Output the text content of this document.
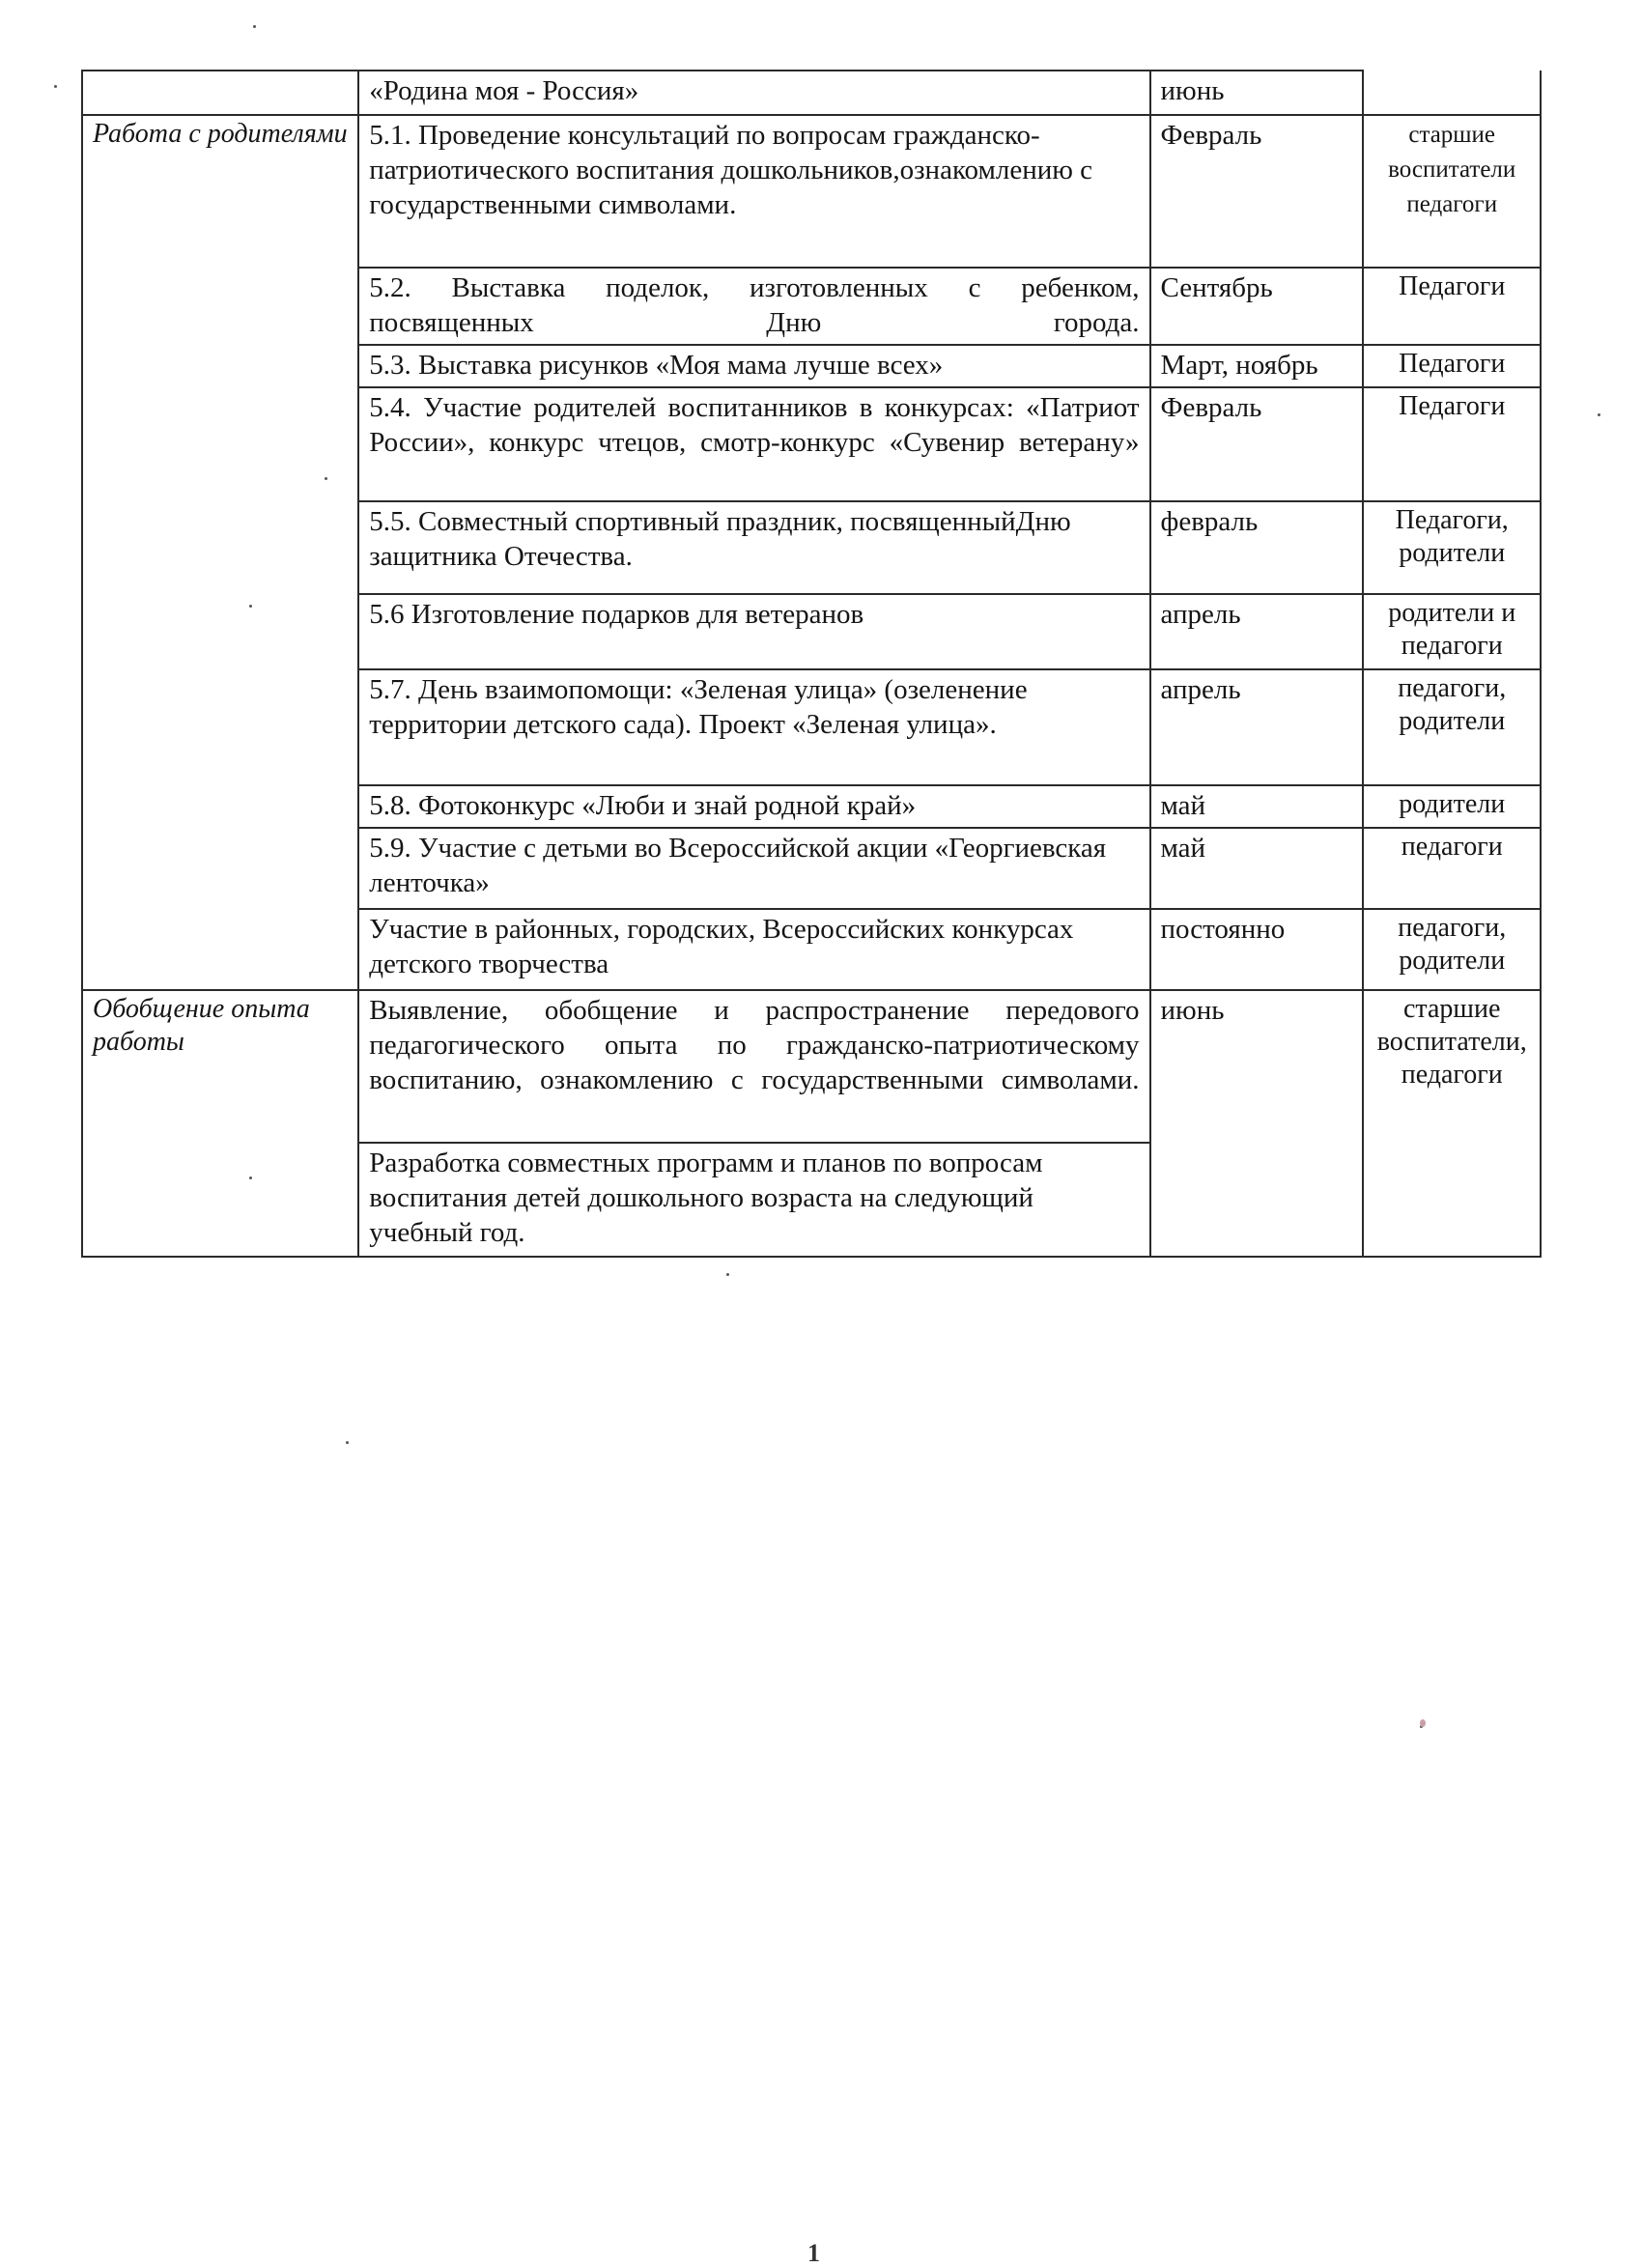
	«Родина моя - Россия»	июнь	
Работа с родителями	5.1. Проведение консультаций по вопросам гражданско-патриотического воспитания дошкольников,ознакомлению с государственными символами.	Февраль	старшие воспитатели педагоги
	5.2. Выставка поделок, изготовленных с ребенком, посвященных Дню города.	Сентябрь	Педагоги
	5.3. Выставка рисунков «Моя мама лучше всех»	Март, ноябрь	Педагоги
	5.4. Участие родителей воспитанников в конкурсах: «Патриот России», конкурс чтецов, смотр-конкурс «Сувенир ветерану»	Февраль	Педагоги
	5.5. Совместный спортивный праздник, посвященныйДню защитника Отечества.	февраль	Педагоги, родители
	5.6 Изготовление подарков для ветеранов	апрель	родители и педагоги
	5.7. День взаимопомощи: «Зеленая улица» (озеленение территории детского сада). Проект «Зеленая улица».	апрель	педагоги, родители
	5.8. Фотоконкурс «Люби и знай родной край»	май	родители
	5.9. Участие с детьми во Всероссийской акции «Георгиевская ленточка»	май	педагоги
	Участие в районных, городских, Всероссийских конкурсах детского творчества	постоянно	педагоги, родители
Обобщение опыта работы	Выявление, обобщение и распространение передового педагогического опыта по гражданско-патриотическому воспитанию, ознакомлению с государственными символами.	июнь	старшие воспитатели, педагоги
	Разработка совместных программ и планов по вопросам воспитания детей дошкольного возраста на следующий учебный год.		
1
